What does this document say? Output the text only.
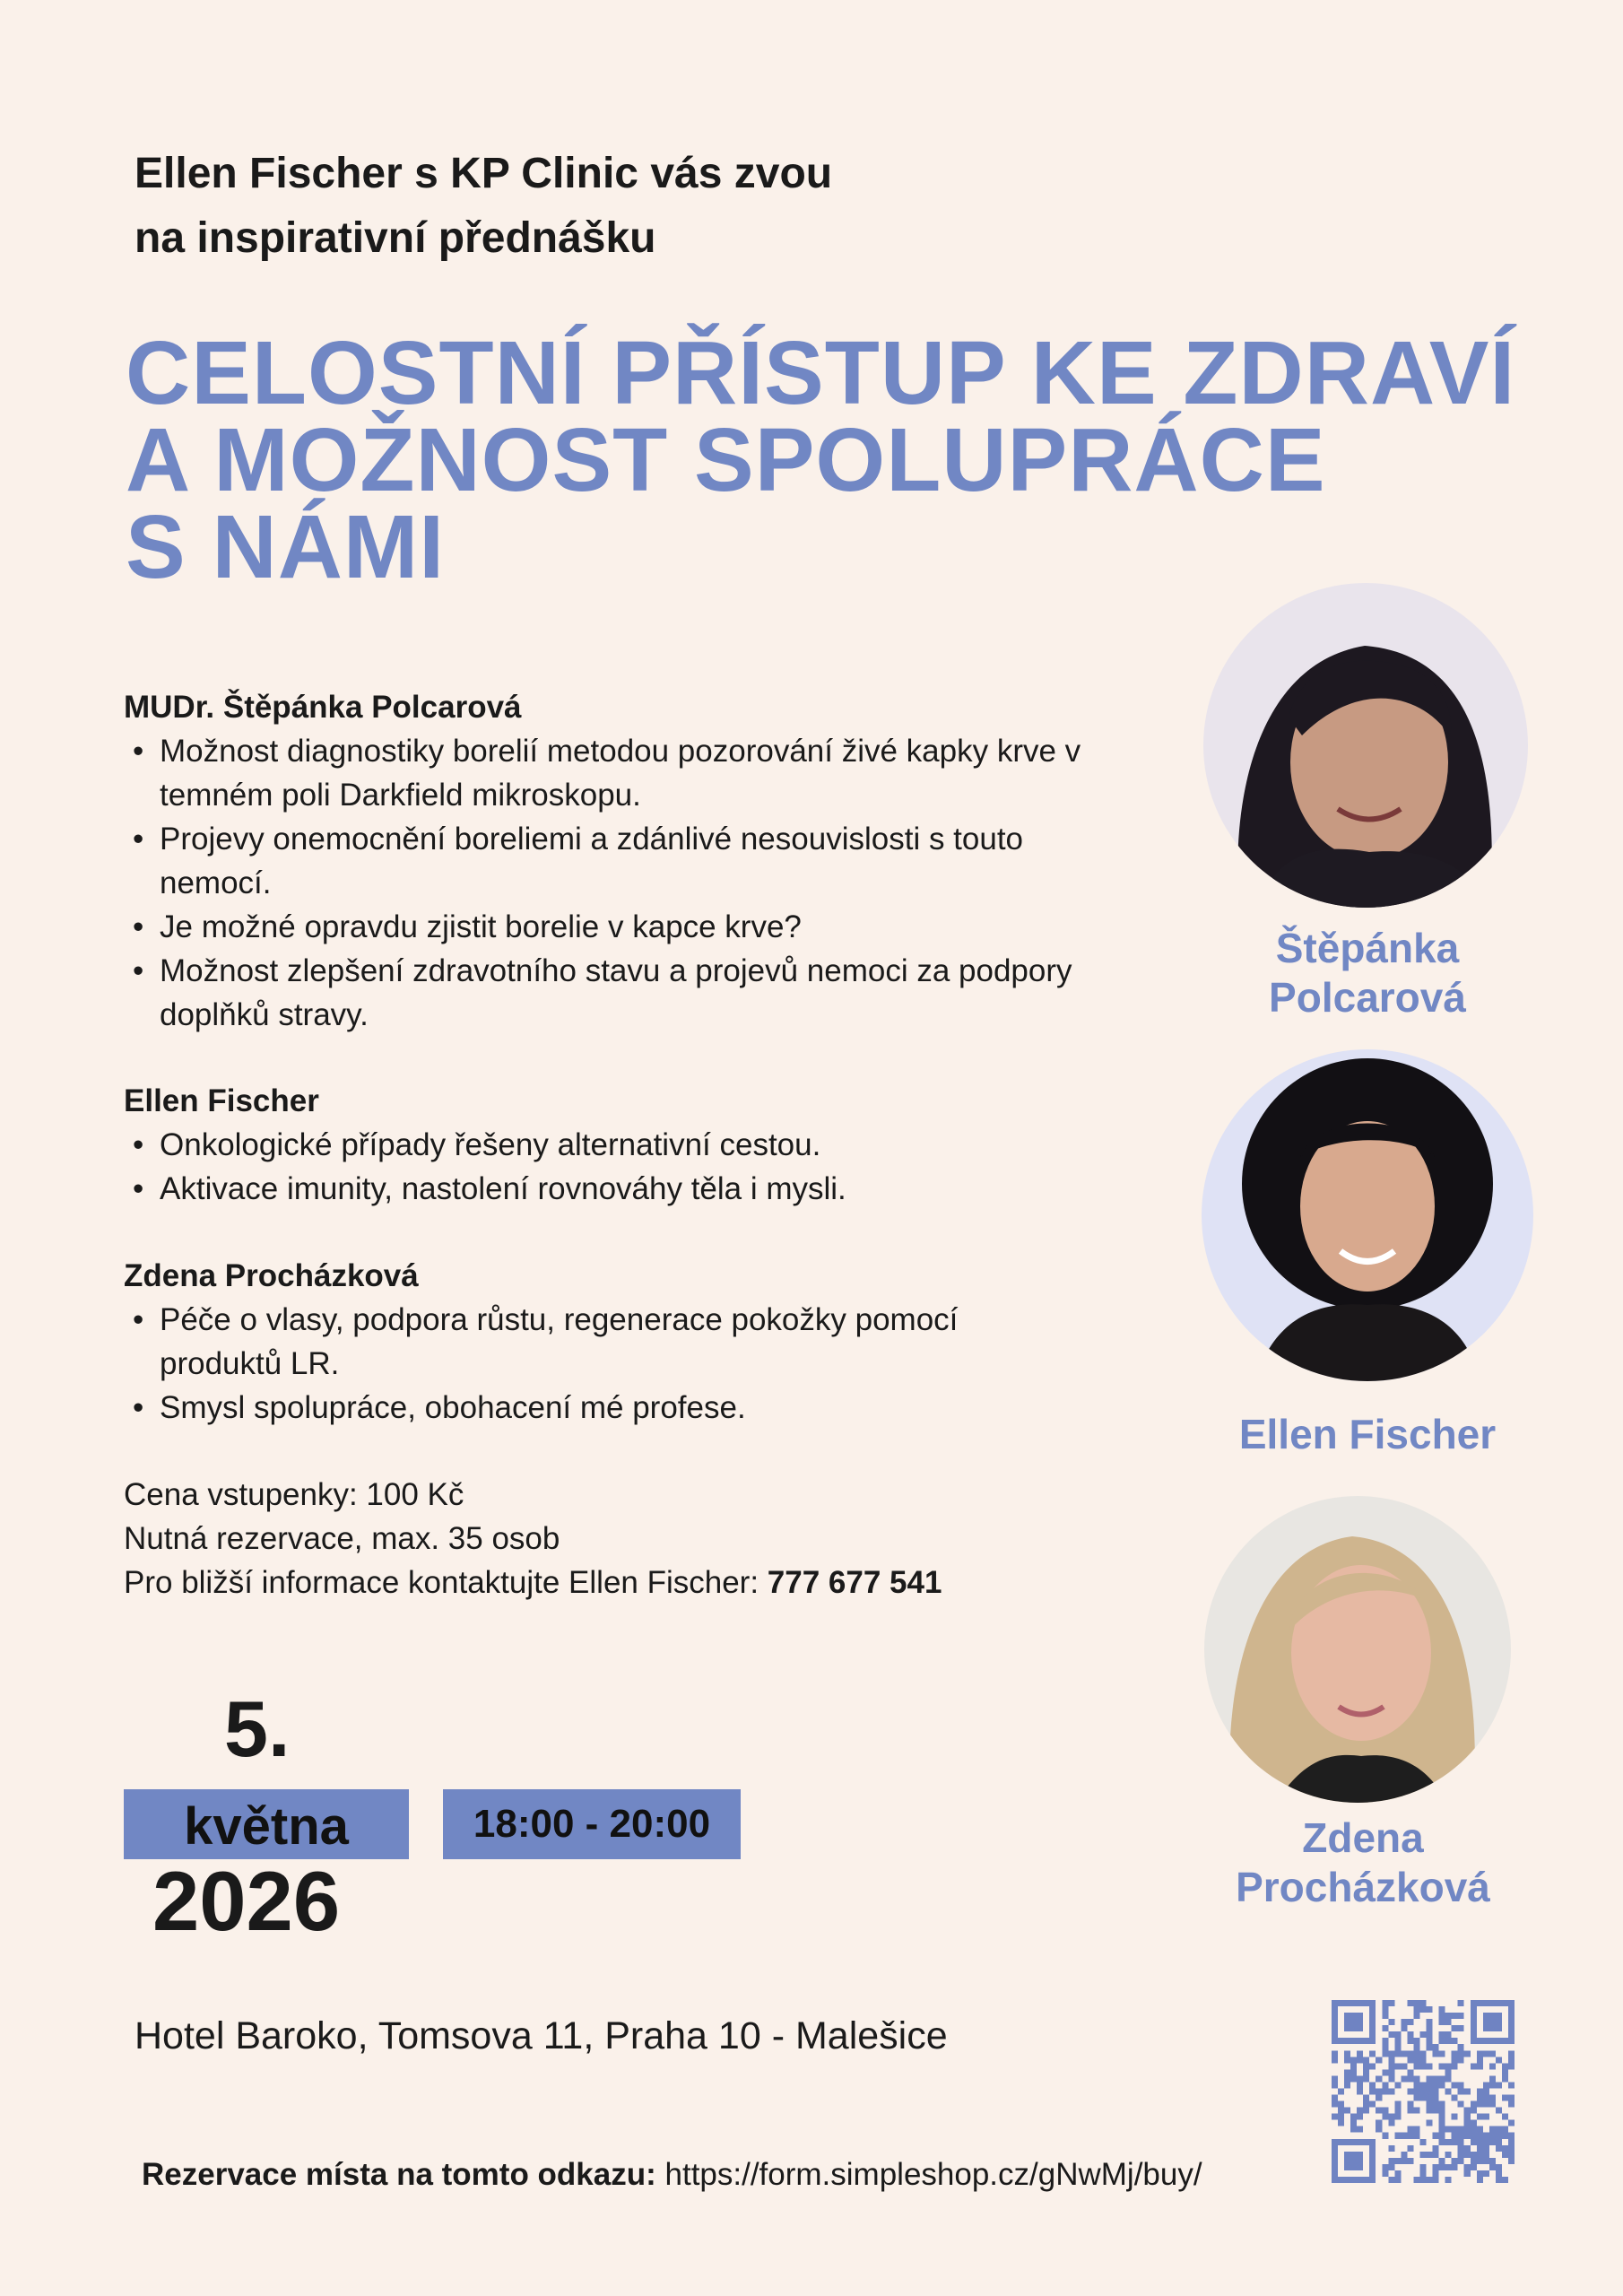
Ellen Fischer s KP Clinic vás zvou
na inspirativní přednášku
CELOSTNÍ PŘÍSTUP KE ZDRAVÍ
A MOŽNOST SPOLUPRÁCE
S NÁMI
MUDr. Štěpánka Polcarová
• Možnost diagnostiky borelií metodou pozorování živé kapky krve v temném poli Darkfield mikroskopu.
• Projevy onemocnění boreliemi a zdánlivé nesouvislosti s touto nemocí.
• Je možné opravdu zjistit borelie v kapce krve?
• Možnost zlepšení zdravotního stavu a projevů nemoci za podpory doplňků stravy.
Ellen Fischer
• Onkologické případy řešeny alternativní cestou.
• Aktivace imunity, nastolení rovnováhy těla i mysli.
Zdena Procházková
• Péče o vlasy, podpora růstu, regenerace pokožky pomocí produktů LR.
• Smysl spolupráce, obohacení mé profese.
Cena vstupenky: 100 Kč
Nutná rezervace, max. 35 osob
Pro bližší informace kontaktujte Ellen Fischer: 777 677 541
5.
května
2026
18:00 - 20:00
Hotel Baroko, Tomsova 11, Praha 10 - Malešice
Rezervace místa na tomto odkazu: https://form.simpleshop.cz/gNwMj/buy/
Štěpánka
Polcarová
Ellen Fischer
Zdena
Procházková
